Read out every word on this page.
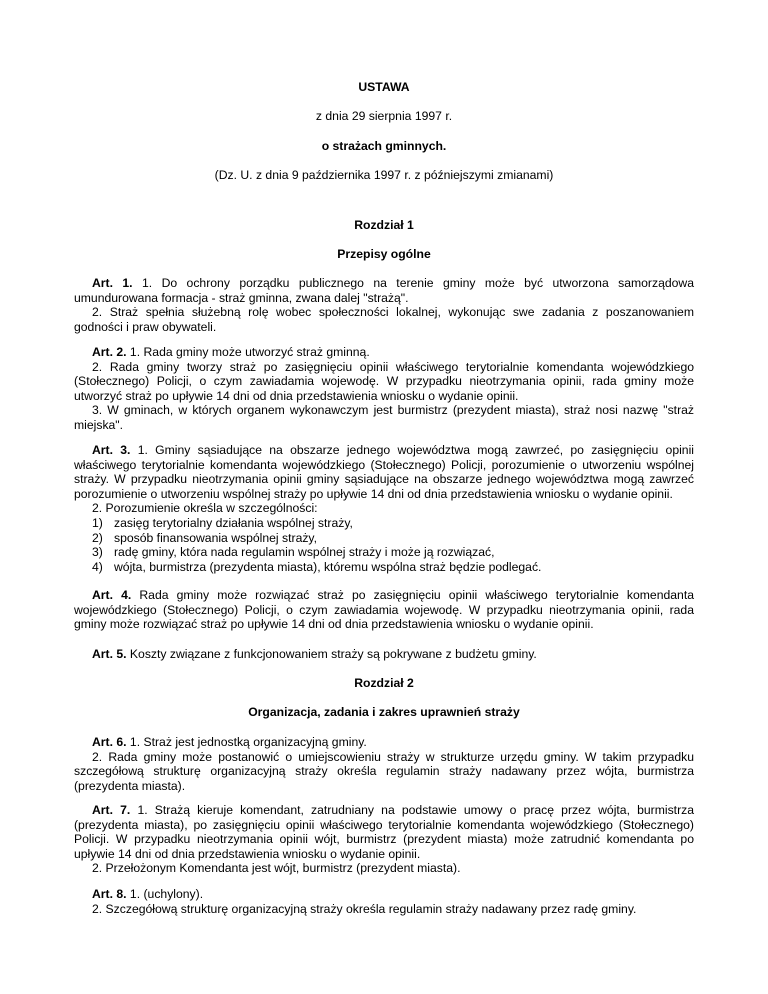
USTAWA

z dnia 29 sierpnia 1997 r.

o strażach gminnych.

(Dz. U. z dnia 9 października 1997 r. z późniejszymi zmianami)

Rozdział 1

Przepisy ogólne

Art. 1. 1. Do ochrony porządku publicznego na terenie gminy może być utworzona samorządowa umundurowana formacja - straż gminna, zwana dalej "strażą".

2. Straż spełnia służebną rolę wobec społeczności lokalnej, wykonując swe zadania z poszanowaniem godności i praw obywateli.

Art. 2. 1. Rada gminy może utworzyć straż gminną.

2. Rada gminy tworzy straż po zasięgnięciu opinii właściwego terytorialnie komendanta wojewódzkiego (Stołecznego) Policji, o czym zawiadamia wojewodę. W przypadku nieotrzymania opinii, rada gminy może utworzyć straż po upływie 14 dni od dnia przedstawienia wniosku o wydanie opinii.

3. W gminach, w których organem wykonawczym jest burmistrz (prezydent miasta), straż nosi nazwę "straż miejska".

Art. 3. 1. Gminy sąsiadujące na obszarze jednego województwa mogą zawrzeć, po zasięgnięciu opinii właściwego terytorialnie komendanta wojewódzkiego (Stołecznego) Policji, porozumienie o utworzeniu wspólnej straży. W przypadku nieotrzymania opinii gminy sąsiadujące na obszarze jednego województwa mogą zawrzeć porozumienie o utworzeniu wspólnej straży po upływie 14 dni od dnia przedstawienia wniosku o wydanie opinii.

2. Porozumienie określa w szczególności:

1) zasięg terytorialny działania wspólnej straży,

2) sposób finansowania wspólnej straży,

3) radę gminy, która nada regulamin wspólnej straży i może ją rozwiązać,

4) wójta, burmistrza (prezydenta miasta), któremu wspólna straż będzie podlegać.

Art. 4. Rada gminy może rozwiązać straż po zasięgnięciu opinii właściwego terytorialnie komendanta wojewódzkiego (Stołecznego) Policji, o czym zawiadamia wojewodę. W przypadku nieotrzymania opinii, rada gminy może rozwiązać straż po upływie 14 dni od dnia przedstawienia wniosku o wydanie opinii.

Art. 5. Koszty związane z funkcjonowaniem straży są pokrywane z budżetu gminy.

Rozdział 2

Organizacja, zadania i zakres uprawnień straży

Art. 6. 1. Straż jest jednostką organizacyjną gminy.

2. Rada gminy może postanowić o umiejscowieniu straży w strukturze urzędu gminy. W takim przypadku szczegółową strukturę organizacyjną straży określa regulamin straży nadawany przez wójta, burmistrza (prezydenta miasta).

Art. 7. 1. Strażą kieruje komendant, zatrudniany na podstawie umowy o pracę przez wójta, burmistrza (prezydenta miasta), po zasięgnięciu opinii właściwego terytorialnie komendanta wojewódzkiego (Stołecznego) Policji. W przypadku nieotrzymania opinii wójt, burmistrz (prezydent miasta) może zatrudnić komendanta po upływie 14 dni od dnia przedstawienia wniosku o wydanie opinii.

2. Przełożonym Komendanta jest wójt, burmistrz (prezydent miasta).

Art. 8. 1. (uchylony).

2. Szczegółową strukturę organizacyjną straży określa regulamin straży nadawany przez radę gminy.
